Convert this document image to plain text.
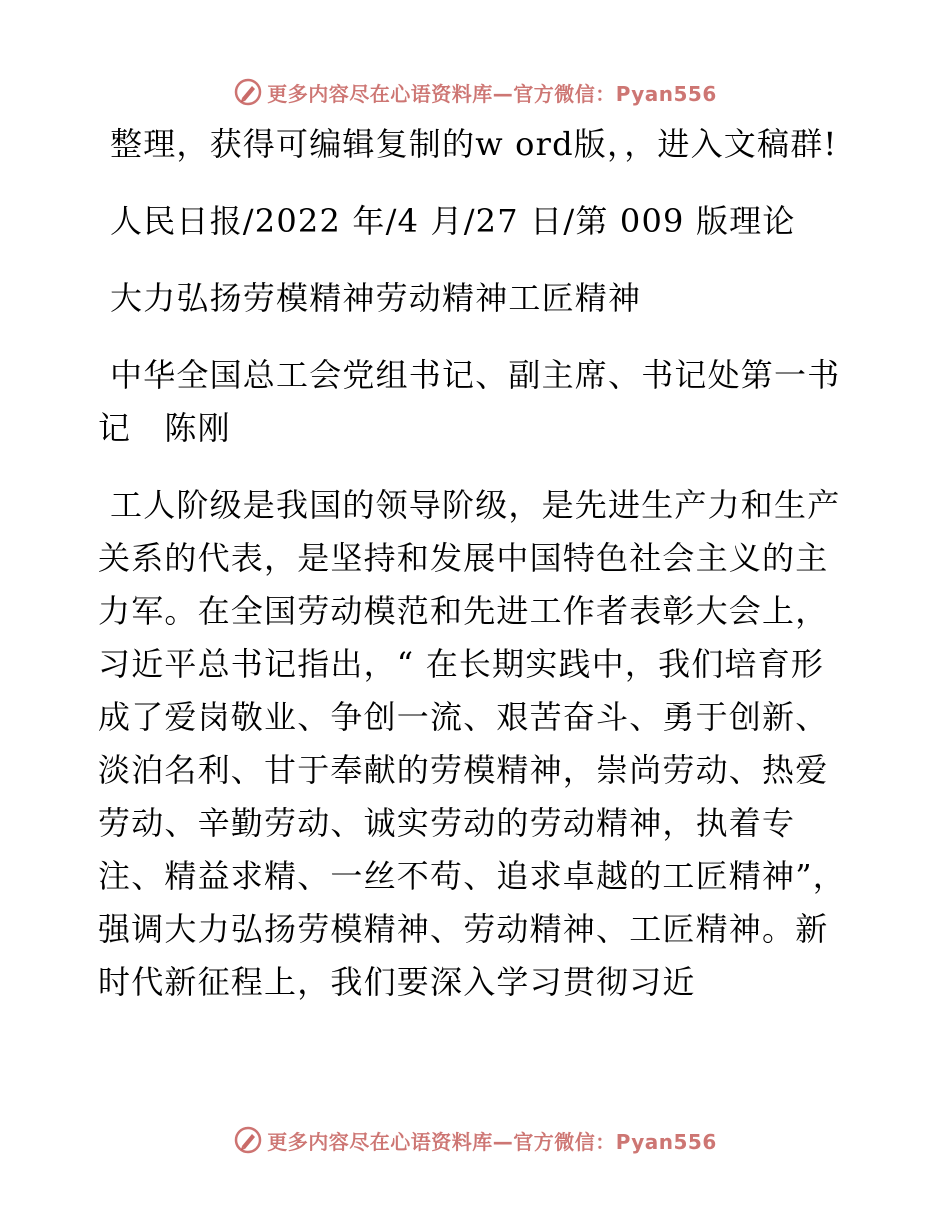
更多内容尽在心语资料库—官方微信：Pyan556

整理，获得可编辑复制的w ord版，，进入文稿群!

人民日报/2022 年/4 月/27 日/第 009 版理论

大力弘扬劳模精神劳动精神工匠精神

中华全国总工会党组书记、副主席、书记处第一书记　陈刚

工人阶级是我国的领导阶级，是先进生产力和生产关系的代表，是坚持和发展中国特色社会主义的主力军。在全国劳动模范和先进工作者表彰大会上，习近平总书记指出，“ 在长期实践中，我们培育形成了爱岗敬业、争创一流、艰苦奋斗、勇于创新、淡泊名利、甘于奉献的劳模精神，崇尚劳动、热爱劳动、辛勤劳动、诚实劳动的劳动精神，执着专注、精益求精、一丝不苟、追求卓越的工匠精神”，强调大力弘扬劳模精神、劳动精神、工匠精神。新时代新征程上，我们要深入学习贯彻习近

更多内容尽在心语资料库—官方微信：Pyan556
